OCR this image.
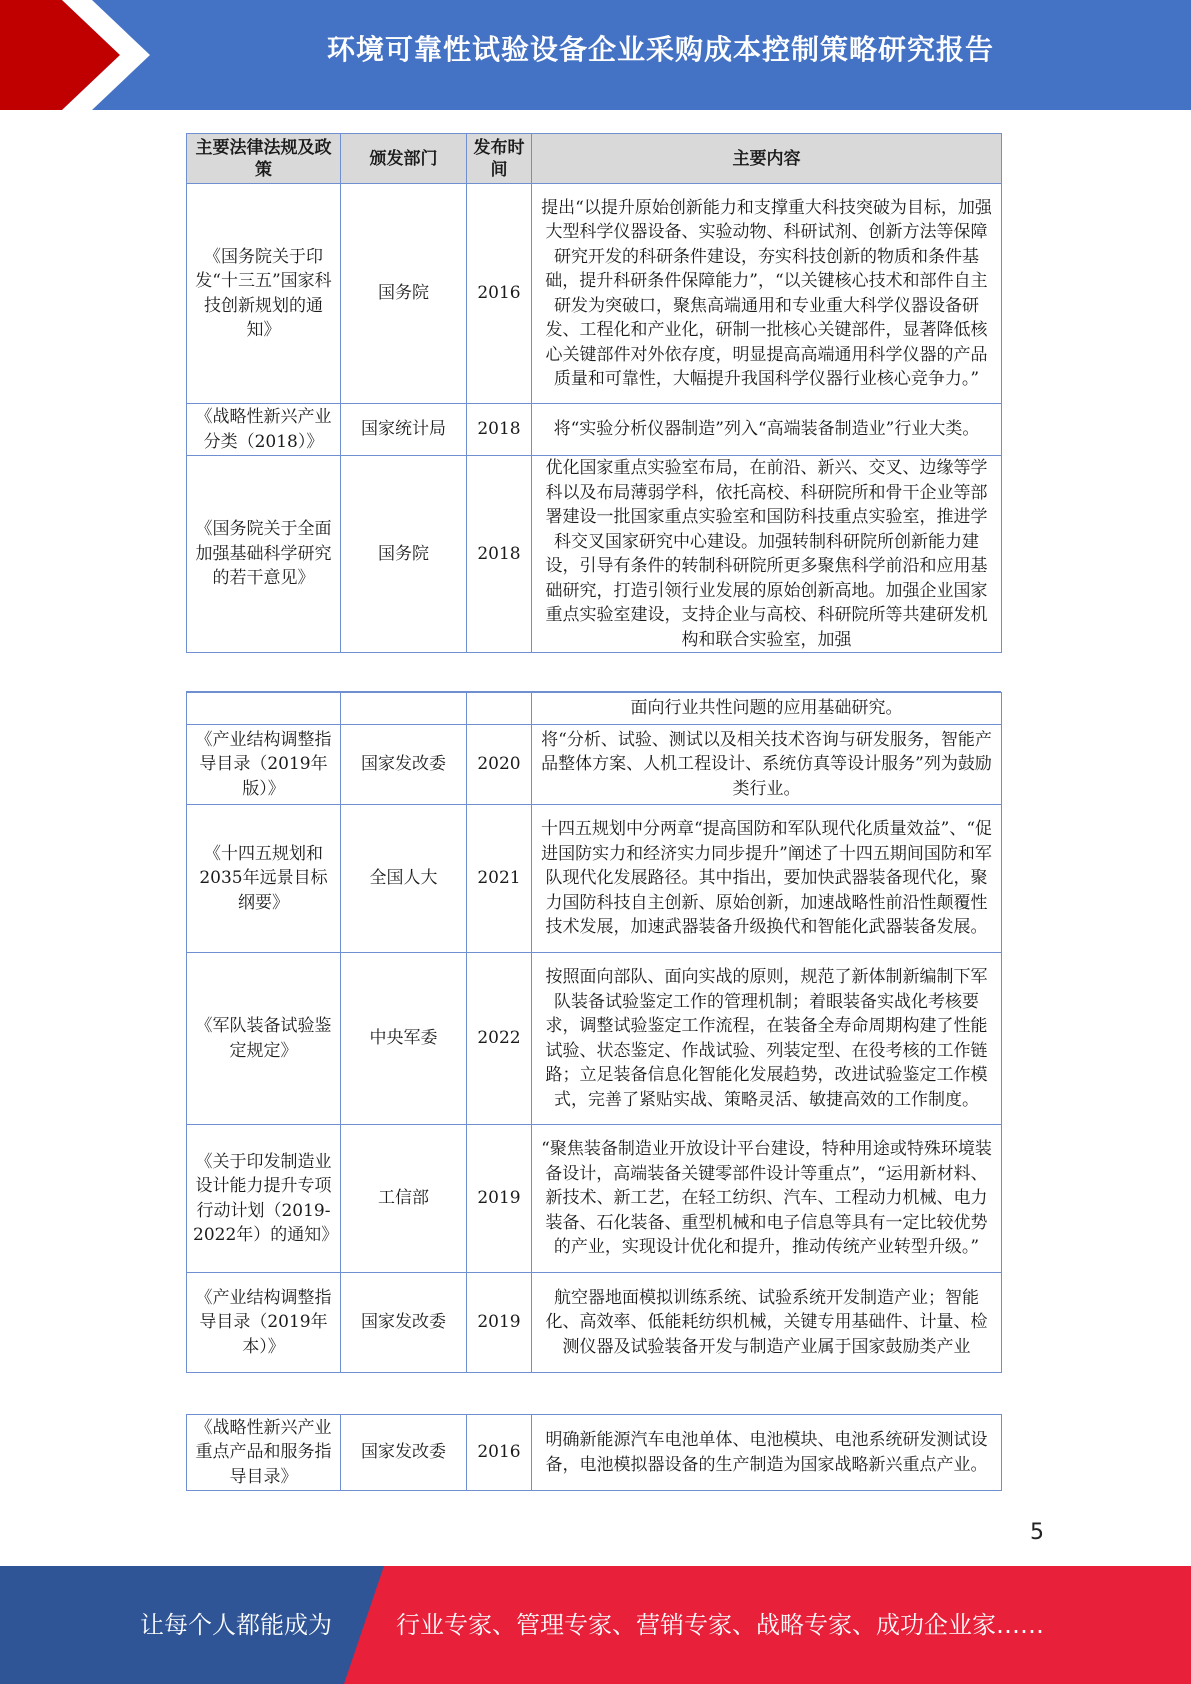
环境可靠性试验设备企业采购成本控制策略研究报告
主要法律法规及政策	颁发部门	发布时间	主要内容
《国务院关于印发“十三五”国家科技创新规划的通知》	国务院	2016	提出“以提升原始创新能力和支撑重大科技突破为目标，加强大型科学仪器设备、实验动物、科研试剂、创新方法等保障研究开发的科研条件建设，夯实科技创新的物质和条件基础，提升科研条件保障能力”，“以关键核心技术和部件自主研发为突破口，聚焦高端通用和专业重大科学仪器设备研发、工程化和产业化，研制一批核心关键部件，显著降低核心关键部件对外依存度，明显提高高端通用科学仪器的产品质量和可靠性，大幅提升我国科学仪器行业核心竞争力。”
《战略性新兴产业分类（2018）》	国家统计局	2018	将“实验分析仪器制造”列入“高端装备制造业”行业大类。
《国务院关于全面加强基础科学研究的若干意见》	国务院	2018	优化国家重点实验室布局，在前沿、新兴、交叉、边缘等学科以及布局薄弱学科，依托高校、科研院所和骨干企业等部署建设一批国家重点实验室和国防科技重点实验室，推进学科交叉国家研究中心建设。加强转制科研院所创新能力建设，引导有条件的转制科研院所更多聚焦科学前沿和应用基础研究，打造引领行业发展的原始创新高地。加强企业国家重点实验室建设，支持企业与高校、科研院所等共建研发机构和联合实验室，加强
			面向行业共性问题的应用基础研究。
《产业结构调整指导目录（2019年版）》	国家发改委	2020	将“分析、试验、测试以及相关技术咨询与研发服务，智能产品整体方案、人机工程设计、系统仿真等设计服务”列为鼓励类行业。
《十四五规划和2035年远景目标纲要》	全国人大	2021	十四五规划中分两章“提高国防和军队现代化质量效益”、“促进国防实力和经济实力同步提升”阐述了十四五期间国防和军队现代化发展路径。其中指出，要加快武器装备现代化，聚力国防科技自主创新、原始创新，加速战略性前沿性颠覆性技术发展，加速武器装备升级换代和智能化武器装备发展。
《军队装备试验鉴定规定》	中央军委	2022	按照面向部队、面向实战的原则，规范了新体制新编制下军队装备试验鉴定工作的管理机制；着眼装备实战化考核要求，调整试验鉴定工作流程，在装备全寿命周期构建了性能试验、状态鉴定、作战试验、列装定型、在役考核的工作链路；立足装备信息化智能化发展趋势，改进试验鉴定工作模式，完善了紧贴实战、策略灵活、敏捷高效的工作制度。
《关于印发制造业设计能力提升专项行动计划（2019-2022年）的通知》	工信部	2019	“聚焦装备制造业开放设计平台建设，特种用途或特殊环境装备设计，高端装备关键零部件设计等重点”，“运用新材料、新技术、新工艺，在轻工纺织、汽车、工程动力机械、电力装备、石化装备、重型机械和电子信息等具有一定比较优势的产业，实现设计优化和提升，推动传统产业转型升级。”
《产业结构调整指导目录（2019年本）》	国家发改委	2019	航空器地面模拟训练系统、试验系统开发制造产业；智能化、高效率、低能耗纺织机械，关键专用基础件、计量、检测仪器及试验装备开发与制造产业属于国家鼓励类产业
《战略性新兴产业重点产品和服务指导目录》	国家发改委	2016	明确新能源汽车电池单体、电池模块、电池系统研发测试设备，电池模拟器设备的生产制造为国家战略新兴重点产业。
5
让每个人都能成为	行业专家、管理专家、营销专家、战略专家、成功企业家……
